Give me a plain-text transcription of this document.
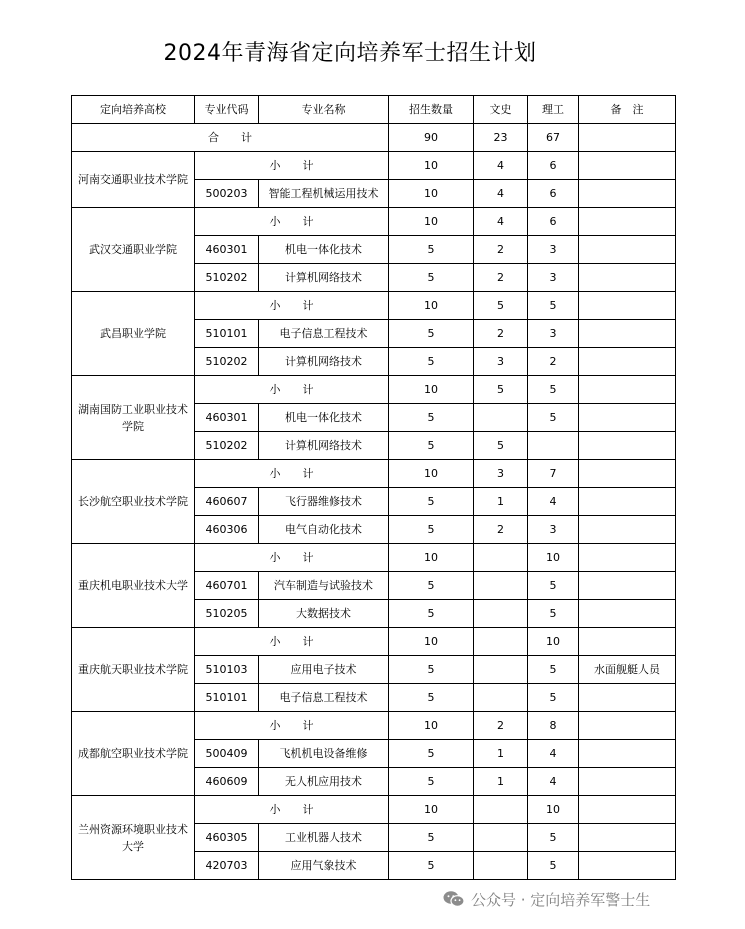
2024年青海省定向培养军士招生计划
定向培养高校	专业代码	专业名称	招生数量	文史	理工	备　注
合　　计			90	23	67	
河南交通职业技术学院	小　　计		10	4	6	
	500203	智能工程机械运用技术	10	4	6	
武汉交通职业学院	小　　计		10	4	6	
	460301	机电一体化技术	5	2	3	
	510202	计算机网络技术	5	2	3	
武昌职业学院	小　　计		10	5	5	
	510101	电子信息工程技术	5	2	3	
	510202	计算机网络技术	5	3	2	
湖南国防工业职业技术学院	小　　计		10	5	5	
	460301	机电一体化技术	5		5	
	510202	计算机网络技术	5	5		
长沙航空职业技术学院	小　　计		10	3	7	
	460607	飞行器维修技术	5	1	4	
	460306	电气自动化技术	5	2	3	
重庆机电职业技术大学	小　　计		10		10	
	460701	汽车制造与试验技术	5		5	
	510205	大数据技术	5		5	
重庆航天职业技术学院	小　　计		10		10	
	510103	应用电子技术	5		5	水面舰艇人员
	510101	电子信息工程技术	5		5	
成都航空职业技术学院	小　　计		10	2	8	
	500409	飞机机电设备维修	5	1	4	
	460609	无人机应用技术	5	1	4	
兰州资源环境职业技术大学	小　　计		10		10	
	460305	工业机器人技术	5		5	
	420703	应用气象技术	5		5	
公众号 · 定向培养军警士生
